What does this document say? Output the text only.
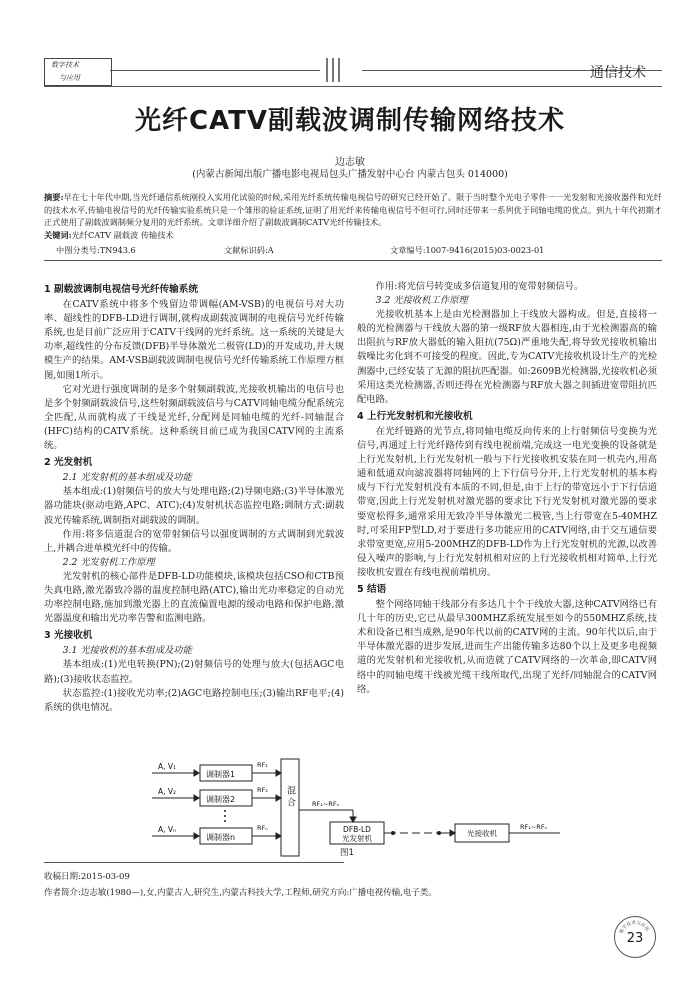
数字技术
与应用	通信技术
光纤CATV副载波调制传输网络技术
边志敏
(内蒙古新闻出版广播电影电视局包头广播发射中心台 内蒙古包头 014000)
摘要:早在七十年代中期,当光纤通信系统刚投入实用化试验的时候,采用光纤系统传输电视信号的研究已经开始了。限于当时整个光电子零件一一光发射和光接收器件和光纤的技术水平,传输电视信号的光纤传输实验系统只是一个雏形的验证系统,证明了用光纤来传输电视信号不但可行,同时还带来一系列优于同轴电缆的优点。到九十年代初期才正式使用了副载波调制频分复用的光纤系统。文章详细介绍了副载波调制CATV光纤传输技术。
关键词:光纤CATV 副载波 传输技术
中图分类号:TN943.6	文献标识码:A	文章编号:1007-9416(2015)03-0023-01
1 副载波调制电视信号光纤传输系统

在CATV系统中将多个残留边带调幅(AM-VSB)的电视信号对大功率、超线性的DFB-LD进行调制,就构成副载波调制的电视信号光纤传输系统,也是目前广泛应用于CATV干线网的光纤系统。这一系统的关键是大功率,超线性的分布反馈(DFB)半导体激光二极管(LD)的开发成功,并大规模生产的结果。AM-VSB副载波调制电视信号光纤传输系统工作原理方框图,如图1所示。

它对光进行强度调制的是多个射频副载波,光接收机输出的电信号也是多个射频副载波信号,这些射频副载波信号与CATV同轴电缆分配系统完全匹配,从而就构成了干线是光纤,分配网是同轴电缆的光纤-同轴混合(HFC)结构的CATV系统。这种系统目前已成为我国CATV网的主流系统。

2 光发射机
2.1 光发射机的基本组成及功能

基本组成:(1)射频信号的放大与处理电路;(2)导频电路;(3)半导体激光器功能块(驱动电路,APC、ATC);(4)发射机状态监控电路;调制方式:副载波光传输系统,调制指对副载波的调制。

作用:将多信道混合的宽带射频信号以强度调制的方式调制到光载波上,并耦合进单模光纤中的传输。

2.2 光发射机工作原理

光发射机的核心部件是DFB-LD功能模块,该模块包括CSO和CTB预失真电路,激光器致冷器的温度控制电路(ATC),输出光功率稳定的自动光功率控制电路,施加到激光器上的直流偏置电源的缓动电路和保护电路,激光器温度和输出光功率告警和监测电路。

3 光接收机
3.1 光接收机的基本组成及功能

基本组成:(1)光电转换(PN);(2)射频信号的处理与放大(包括AGC电路);(3)接收状态监控。

状态监控:(1)接收光功率;(2)AGC电路控制电压;(3)输出RF电平;(4)系统的供电情况。

作用:将光信号转变成多信道复用的宽带射频信号。

3.2 光接收机工作原理

光接收机基本上是由光检测器加上干线放大器构成。但是,直接将一般的光检测器与干线放大器的第一级RF放大器相连,由于光检测器高的输出阻抗与RF放大器低的输入阻抗(75Ω)严重地失配,将导致光接收机输出载噪比劣化到不可接受的程度。因此,专为CATV光接收机设计生产的光检测器中,已经安装了无源的阻抗匹配器。如:2609B光检测器,光接收机必须采用这类光检测器,否则还得在光检测器与RF放大器之间插进宽带阻抗匹配电路。

4 上行光发射机和光接收机

在光纤链路的光节点,将同轴电缆反向传来的上行射频信号变换为光信号,再通过上行光纤路传到有线电视前端,完成这一电光变换的设备就是上行光发射机,上行光发射机一般与下行光接收机安装在同一机壳内,用高通和低通双向滤波器将同轴网的上下行信号分开,上行光发射机的基本构成与下行光发射机没有本质的不同,但是,由于上行的带宽远小于下行信道带宽,因此上行光发射机对激光器的要求比下行光发射机对激光器的要求要宽松得多,通常采用无致冷半导体激光二极管,当上行带宽在5-40MHZ时,可采用FP型LD,对于要进行多功能应用的CATV网络,由于交互通信要求带宽更宽,应用5-200MHZ的DFB-LD作为上行光发射机的光源,以改善侵入噪声的影响,与上行光发射机相对应的上行光接收机相对简单,上行光接收机安置在有线电视前端机房。

5 结语

整个网络同轴干线部分有多达几十个干线放大器,这种CATV网络已有几十年的历史,它已从最早300MHZ系统发展至如今的550MHZ系统,技术和设备已相当成熟,是90年代以前的CATV网的主流。90年代以后,由于半导体激光器的进步发展,进而生产出能传输多达80个以上及更多电视频道的光发射机和光接收机,从而造就了CATV网络的一次革命,即CATV网络中的同轴电缆干线被光缆干线所取代,出现了光纤/同轴混合的CATV网络。

A, V₁
A, V₂
A, Vₙ
调制器1
调制器2
调制器n
RF₁
RF₂
RFₙ
混 合	RF₁~RFₙ
DFB-LD
光发射机
光接收机
RF₁~RFₙ
图1
收稿日期:2015-03-09
作者简介:边志敏(1980—),女,内蒙古人,研究生,内蒙古科技大学,工程师,研究方向:广播电视传输,电子类。
数字技术与应用
23
